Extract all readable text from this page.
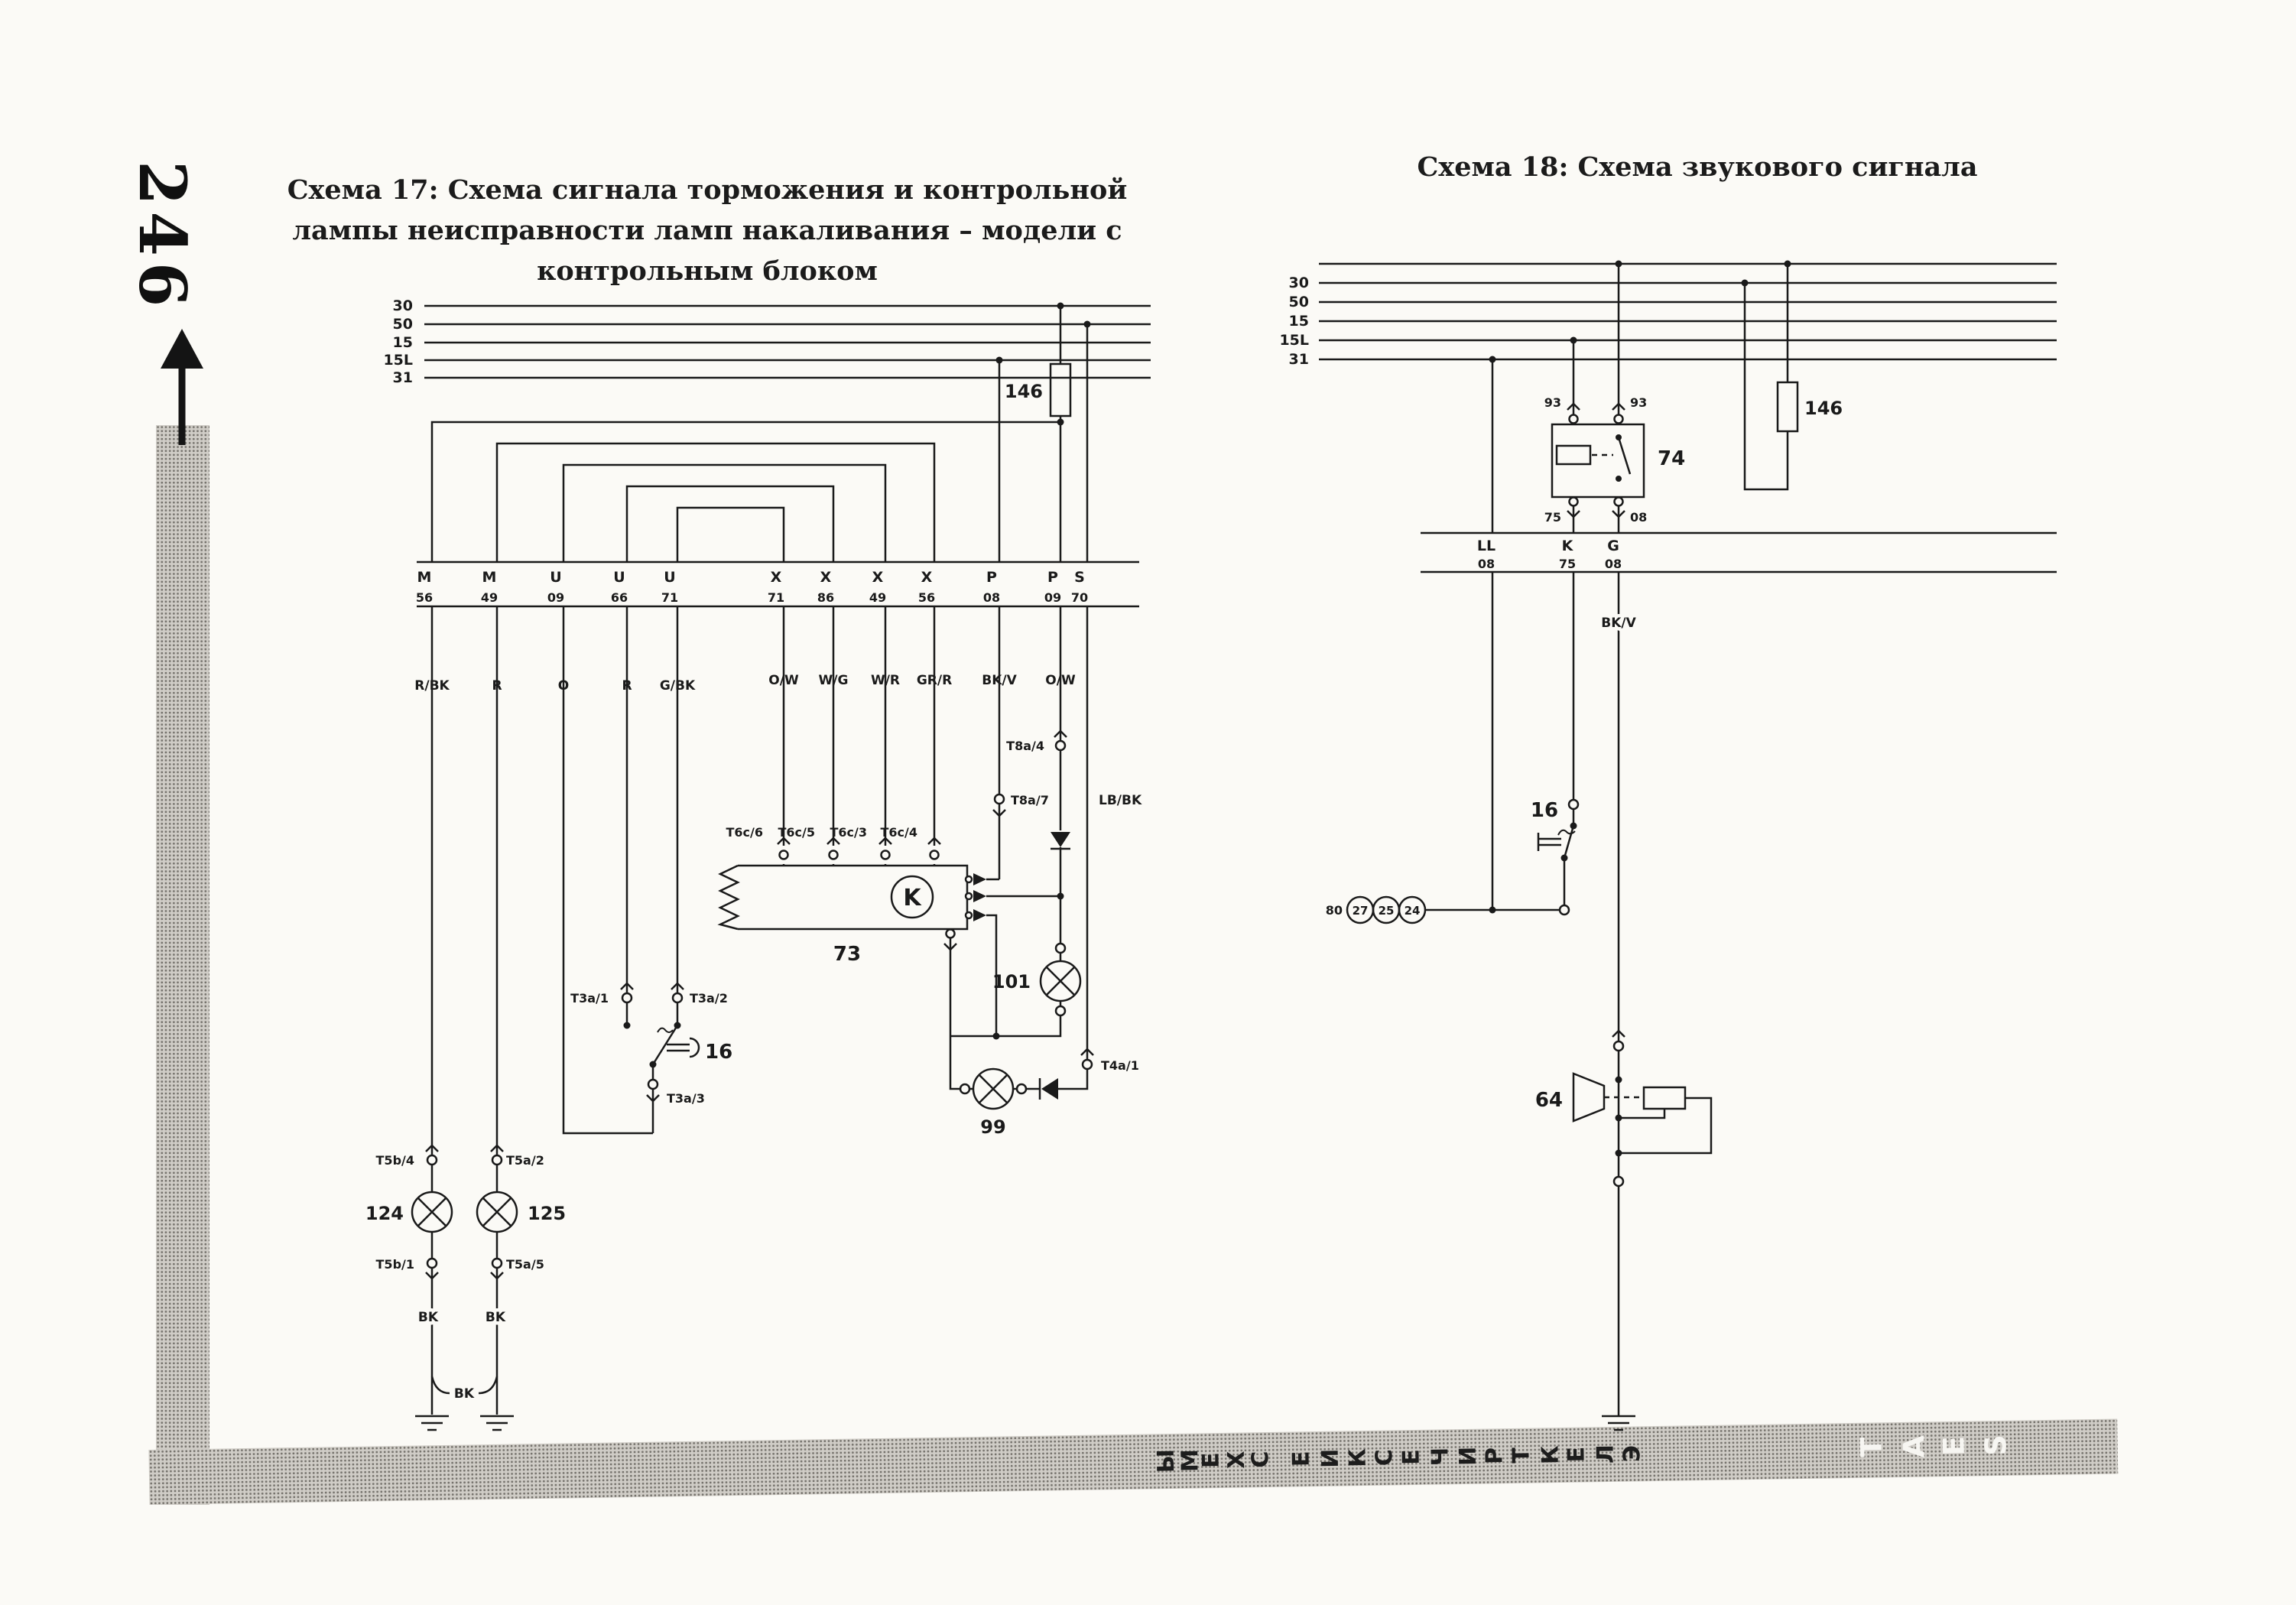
Ы
М
Е
Х
С Е И К С Е Ч И Р Т К
Е Л Э	T A E S
246	Схема 17: Схема сигнала торможения и контрольной
лампы неисправности ламп накаливания – модели с
контрольным блоком
Схема 18: Схема звукового сигнала
30
50
15
15L
31
146
M	M	U	U	U	X	X	X	X	P	P S
56	49	09	66	71	71	86	49	56	08	09 70
R/BK	R	O	R G/BK	O/W W/G W/R GR/R BK/V O/W
LB/BK
T5b/4	T5a/2
124	125
T5b/1	T5a/5
BK	BK
BK
T3a/1	T3a/2
16
T3a/3
T6c/6 T6c/5 T6c/3 T6c/4
K
73
T8a/7
101
99
T8a/4
T4a/1
30
50
15
15L
31
146
93	93
74
75	08
LL	K G
08	75 08
16
80 27 25 24
BK/V
64
